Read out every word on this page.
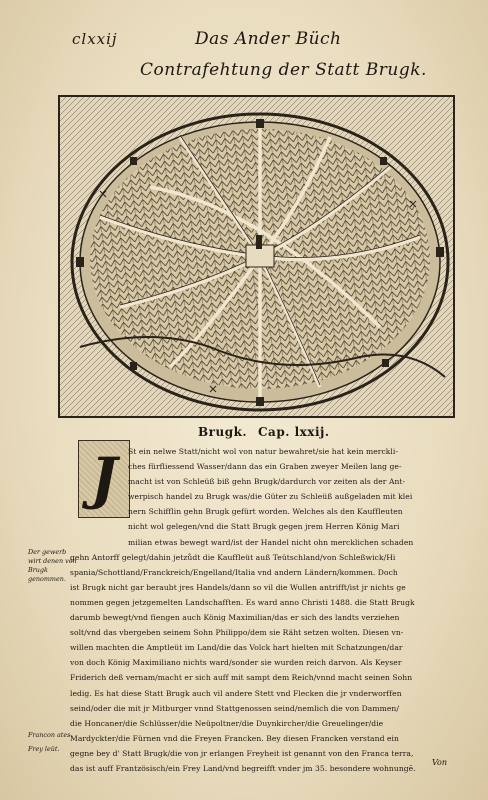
clxxij	Das Ander Büch
Contrafehtung der Statt Brugk.
Brugk. Cap. lxxij.
J	St ein nelwe Statt/nicht wol von natur bewahret/sie hat kein merckli-
ches fürfliessend Wasser/dann das ein Graben zweyer Meilen lang ge-
macht ist von Schleüß biß gehn Brugk/dardurch vor zeiten als der Ant-
werpisch handel zu Brugk was/die Güter zu Schleüß außgeladen mit klei
nern Schifflin gehn Brugk gefürt worden. Welches als den Kauffleuten
nicht wol gelegen/vnd die Statt Brugk gegen jrem Herren König Mari
milian etwas bewegt ward/ist der Handel nicht ohn mercklichen schaden
gehn Antorff gelegt/dahin jetzůdt die Kauffleüt auß Teütschland/von Schleßwick/Hi
spania/Schottland/Franckreich/Engelland/Italia vnd andern Ländern/kommen. Doch
ist Brugk nicht gar beraubt jres Handels/dann so vil die Wullen antrifft/ist jr nichts ge
nommen gegen jetzgemelten Landschafften. Es ward anno Christi 1488. die Statt Brugk
darumb bewegt/vnd fiengen auch König Maximilian/das er sich des landts verziehen
solt/vnd das vbergeben seinem Sohn Philippo/dem sie Räht setzen wolten. Diesen vn-
willen machten die Amptleüt im Land/die das Volck hart hielten mit Schatzungen/dar
von doch König Maximiliano nichts ward/sonder sie wurden reich darvon. Als Keyser
Friderich deß vernam/macht er sich auff mit sampt dem Reich/vnnd macht seinen Sohn
ledig. Es hat diese Statt Brugk auch vil andere Stett vnd Flecken die jr vnderworffen
seind/oder die mit jr Mitburger vnnd Stattgenossen seind/nemlich die von Dammen/
die Honcaner/die Schlüsser/die Neüpoltner/die Duynkircher/die Greuelinger/die
Mardyckter/die Fürnen vnd die Freyen Francken. Bey diesen Francken verstand ein
gegne bey d' Statt Brugk/die von jr erlangen Freyheit ist genannt von den Franca terra,
das ist auff Frantzösisch/ein Frey Land/vnd begreifft vnder jm 35. besondere wohnungē.
Der gewerb wirt denen von Brugk genommen.
Francon ates.
Frey leüt.
Von
